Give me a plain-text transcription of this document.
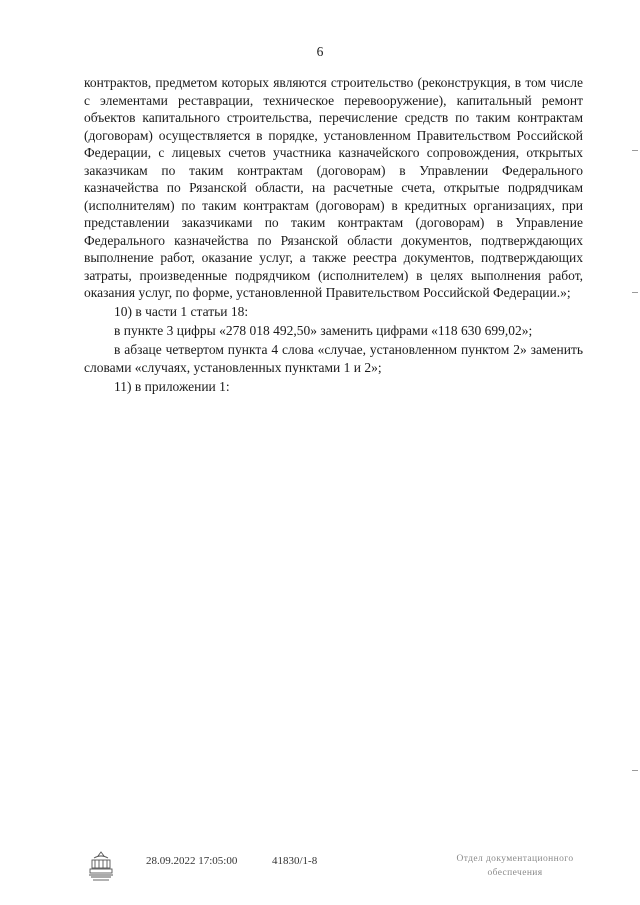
6

контрактов, предметом которых являются строительство (реконструкция, в том числе с элементами реставрации, техническое перевооружение), капитальный ремонт объектов капитального строительства, перечисление средств по таким контрактам (договорам) осуществляется в порядке, установленном Правительством Российской Федерации, с лицевых счетов участника казначейского сопровождения, открытых заказчикам по таким контрактам (договорам) в Управлении Федерального казначейства по Рязанской области, на расчетные счета, открытые подрядчикам (исполнителям) по таким контрактам (договорам) в кредитных организациях, при представлении заказчиками по таким контрактам (договорам) в Управление Федерального казначейства по Рязанской области документов, подтверждающих выполнение работ, оказание услуг, а также реестра документов, подтверждающих затраты, произведенные подрядчиком (исполнителем) в целях выполнения работ, оказания услуг, по форме, установленной Правительством Российской Федерации.»;

10) в части 1 статьи 18:

в пункте 3 цифры «278 018 492,50» заменить цифрами «118 630 699,02»;

в абзаце четвертом пункта 4 слова «случае, установленном пунктом 2» заменить словами «случаях, установленных пунктами 1 и 2»;

11) в приложении 1:

28.09.2022 17:05:00	41830/1-8	Отдел документационного
обеспечения
